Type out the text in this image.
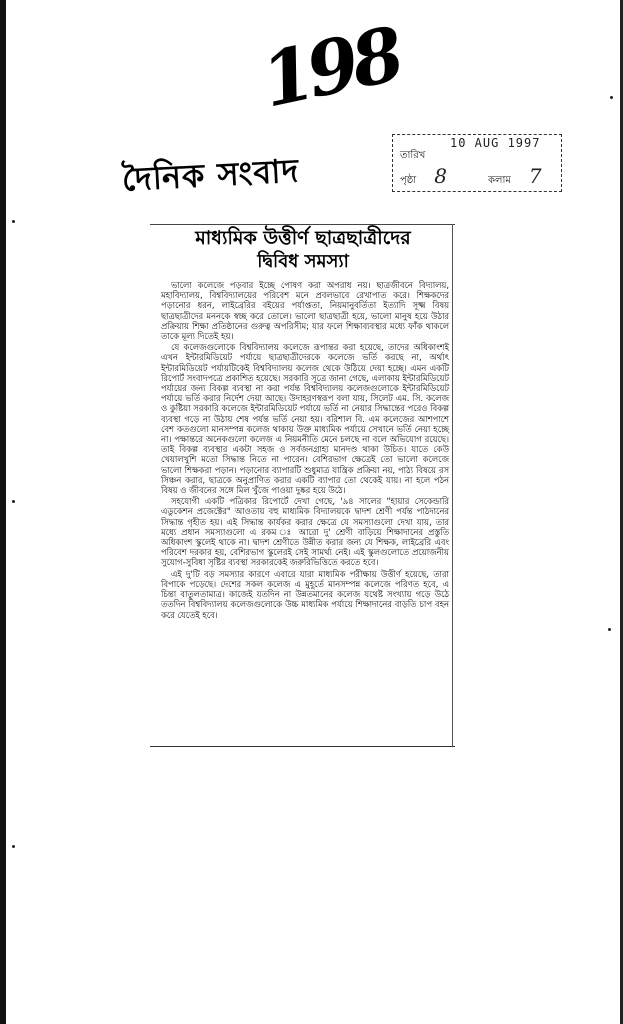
198
দৈনিক সংবাদ
10 AUG 1997
তারিখ
পৃষ্ঠা 8	কলাম 7
মাধ্যমিক উত্তীর্ণ ছাত্রছাত্রীদের
দ্বিবিধ সমস্যা

ভালো কলেজে পড়বার ইচ্ছে পোষণ করা অপরাধ নয়। ছাত্রজীবনে বিদ্যালয়, মহাবিদ্যালয়, বিশ্ববিদ্যালয়ের পরিবেশ মনে প্রবলভাবে রেখাপাত করে। শিক্ষকদের পড়ানোর ধরন, লাইব্রেরির বইয়ের পর্যাপ্ততা, নিয়মানুবর্তিতা ইত্যাদি সূক্ষ্ম বিষয় ছাত্রছাত্রীদের মননকে স্বচ্ছ করে তোলে। ভালো ছাত্রছাত্রী হয়ে, ভালো মানুষ হয়ে উঠার প্রক্রিয়ায় শিক্ষা প্রতিষ্ঠানের গুরুত্ব অপরিসীম; যার ফলে শিক্ষাব্যবস্থার মধ্যে ফাঁক থাকলে তাকে মূল্য দিতেই হয়।

যে কলেজগুলোকে বিশ্ববিদ্যালয় কলেজে রূপান্তর করা হয়েছে, তাদের অধিকাংশই এখন ইন্টারমিডিয়েট পর্যায়ে ছাত্রছাত্রীদেরকে কলেজে ভর্তি করছে না, অর্থাৎ ইন্টারমিডিয়েট পর্যায়টিকেই বিশ্ববিদ্যালয় কলেজ থেকে উঠিয়ে দেয়া হচ্ছে। এমন একটি রিপোর্ট সংবাদপত্রে প্রকাশিত হয়েছে। সরকারি সূত্রে জানা গেছে, এলাকায় ইন্টারমিডিয়েট পর্যায়ের জন্য বিকল্প ব্যবস্থা না করা পর্যন্ত বিশ্ববিদ্যালয় কলেজগুলোকে ইন্টারমিডিয়েট পর্যায়ে ভর্তি করার নির্দেশ দেয়া আছে। উদাহরণস্বরূপ বলা যায়, সিলেট এম. সি. কলেজ ও কুষ্টিয়া সরকারি কলেজে ইন্টারমিডিয়েট পর্যায়ে ভর্তি না নেয়ার সিদ্ধান্তের পরেও বিকল্প ব্যবস্থা গড়ে না উঠায় শেষ পর্যন্ত ভর্তি নেয়া হয়। বরিশাল বি. এম কলেজের আশপাশে বেশ কতগুলো মানসম্পন্ন কলেজ থাকায় উক্ত মাধ্যমিক পর্যায়ে সেখানে ভর্তি নেয়া হচ্ছে না। পক্ষান্তরে অনেকগুলো কলেজ এ নিয়মনীতি মেনে চলছে না বলে অভিযোগ রয়েছে। তাই বিকল্প ব্যবস্থার একটা সহজ ও সর্বজনগ্রাহ্য মানদণ্ড থাকা উচিত। যাতে কেউ খেয়ালখুশি মতো সিদ্ধান্ত নিতে না পারেন। বেশিরভাগ ক্ষেত্রেই তো ভালো কলেজে ভালো শিক্ষকরা পড়ান। পড়ানোর ব্যাপারটি শুধুমাত্র যান্ত্রিক প্রক্রিয়া নয়, পাঠ্য বিষয়ে রস সিঞ্চন করার, ছাত্রকে অনুপ্রাণিত করার একটি ব্যাপার তো থেকেই যায়। না হলে পঠন বিষয় ও জীবনের সঙ্গে মিল খুঁজে পাওয়া দুষ্কর হয়ে উঠে।

সহযোগী একটি পত্রিকার রিপোর্টে দেখা গেছে, '৯৪ সালের "হায়ার সেকেন্ডারি এডুকেশন প্রজেক্টের" আওতায় বহু মাধ্যমিক বিদ্যালয়কে দ্বাদশ শ্রেণী পর্যন্ত পাঠদানের সিদ্ধান্ত গৃহীত হয়। এই সিদ্ধান্ত কার্যকর করার ক্ষেত্রে যে সমস্যাগুলো দেখা যায়, তার মধ্যে প্রধান সমস্যাগুলো এ রকম ঃ আরো দু' শ্রেণী বাড়িয়ে শিক্ষাদানের প্রস্তুতি অধিকাংশ স্কুলেই থাকে না। দ্বাদশ শ্রেণীতে উন্নীত করার জন্য যে শিক্ষক, লাইব্রেরি এবং পরিবেশ দরকার হয়, বেশিরভাগ স্কুলেরই সেই সামর্থ্য নেই। এই স্কুলগুলোতে প্রয়োজনীয় সুযোগ-সুবিধা সৃষ্টির ব্যবস্থা সরকারকেই জরুরিভিত্তিতে করতে হবে।

এই দু'টি বড় সমস্যার কারণে এবারে যারা মাধ্যমিক পরীক্ষায় উত্তীর্ণ হয়েছে, তারা বিপাকে পড়েছে। দেশের সকল কলেজ এ মুহূর্তে মানসম্পন্ন কলেজে পরিণত হবে, এ চিন্তা বাতুলতামাত্র। কাজেই যতদিন না উন্নতমানের কলেজ যথেষ্ট সংখ্যায় গড়ে উঠে ততদিন বিশ্ববিদ্যালয় কলেজগুলোকে উচ্চ মাধ্যমিক পর্যায়ে শিক্ষাদানের বাড়তি চাপ বহন করে যেতেই হবে।
